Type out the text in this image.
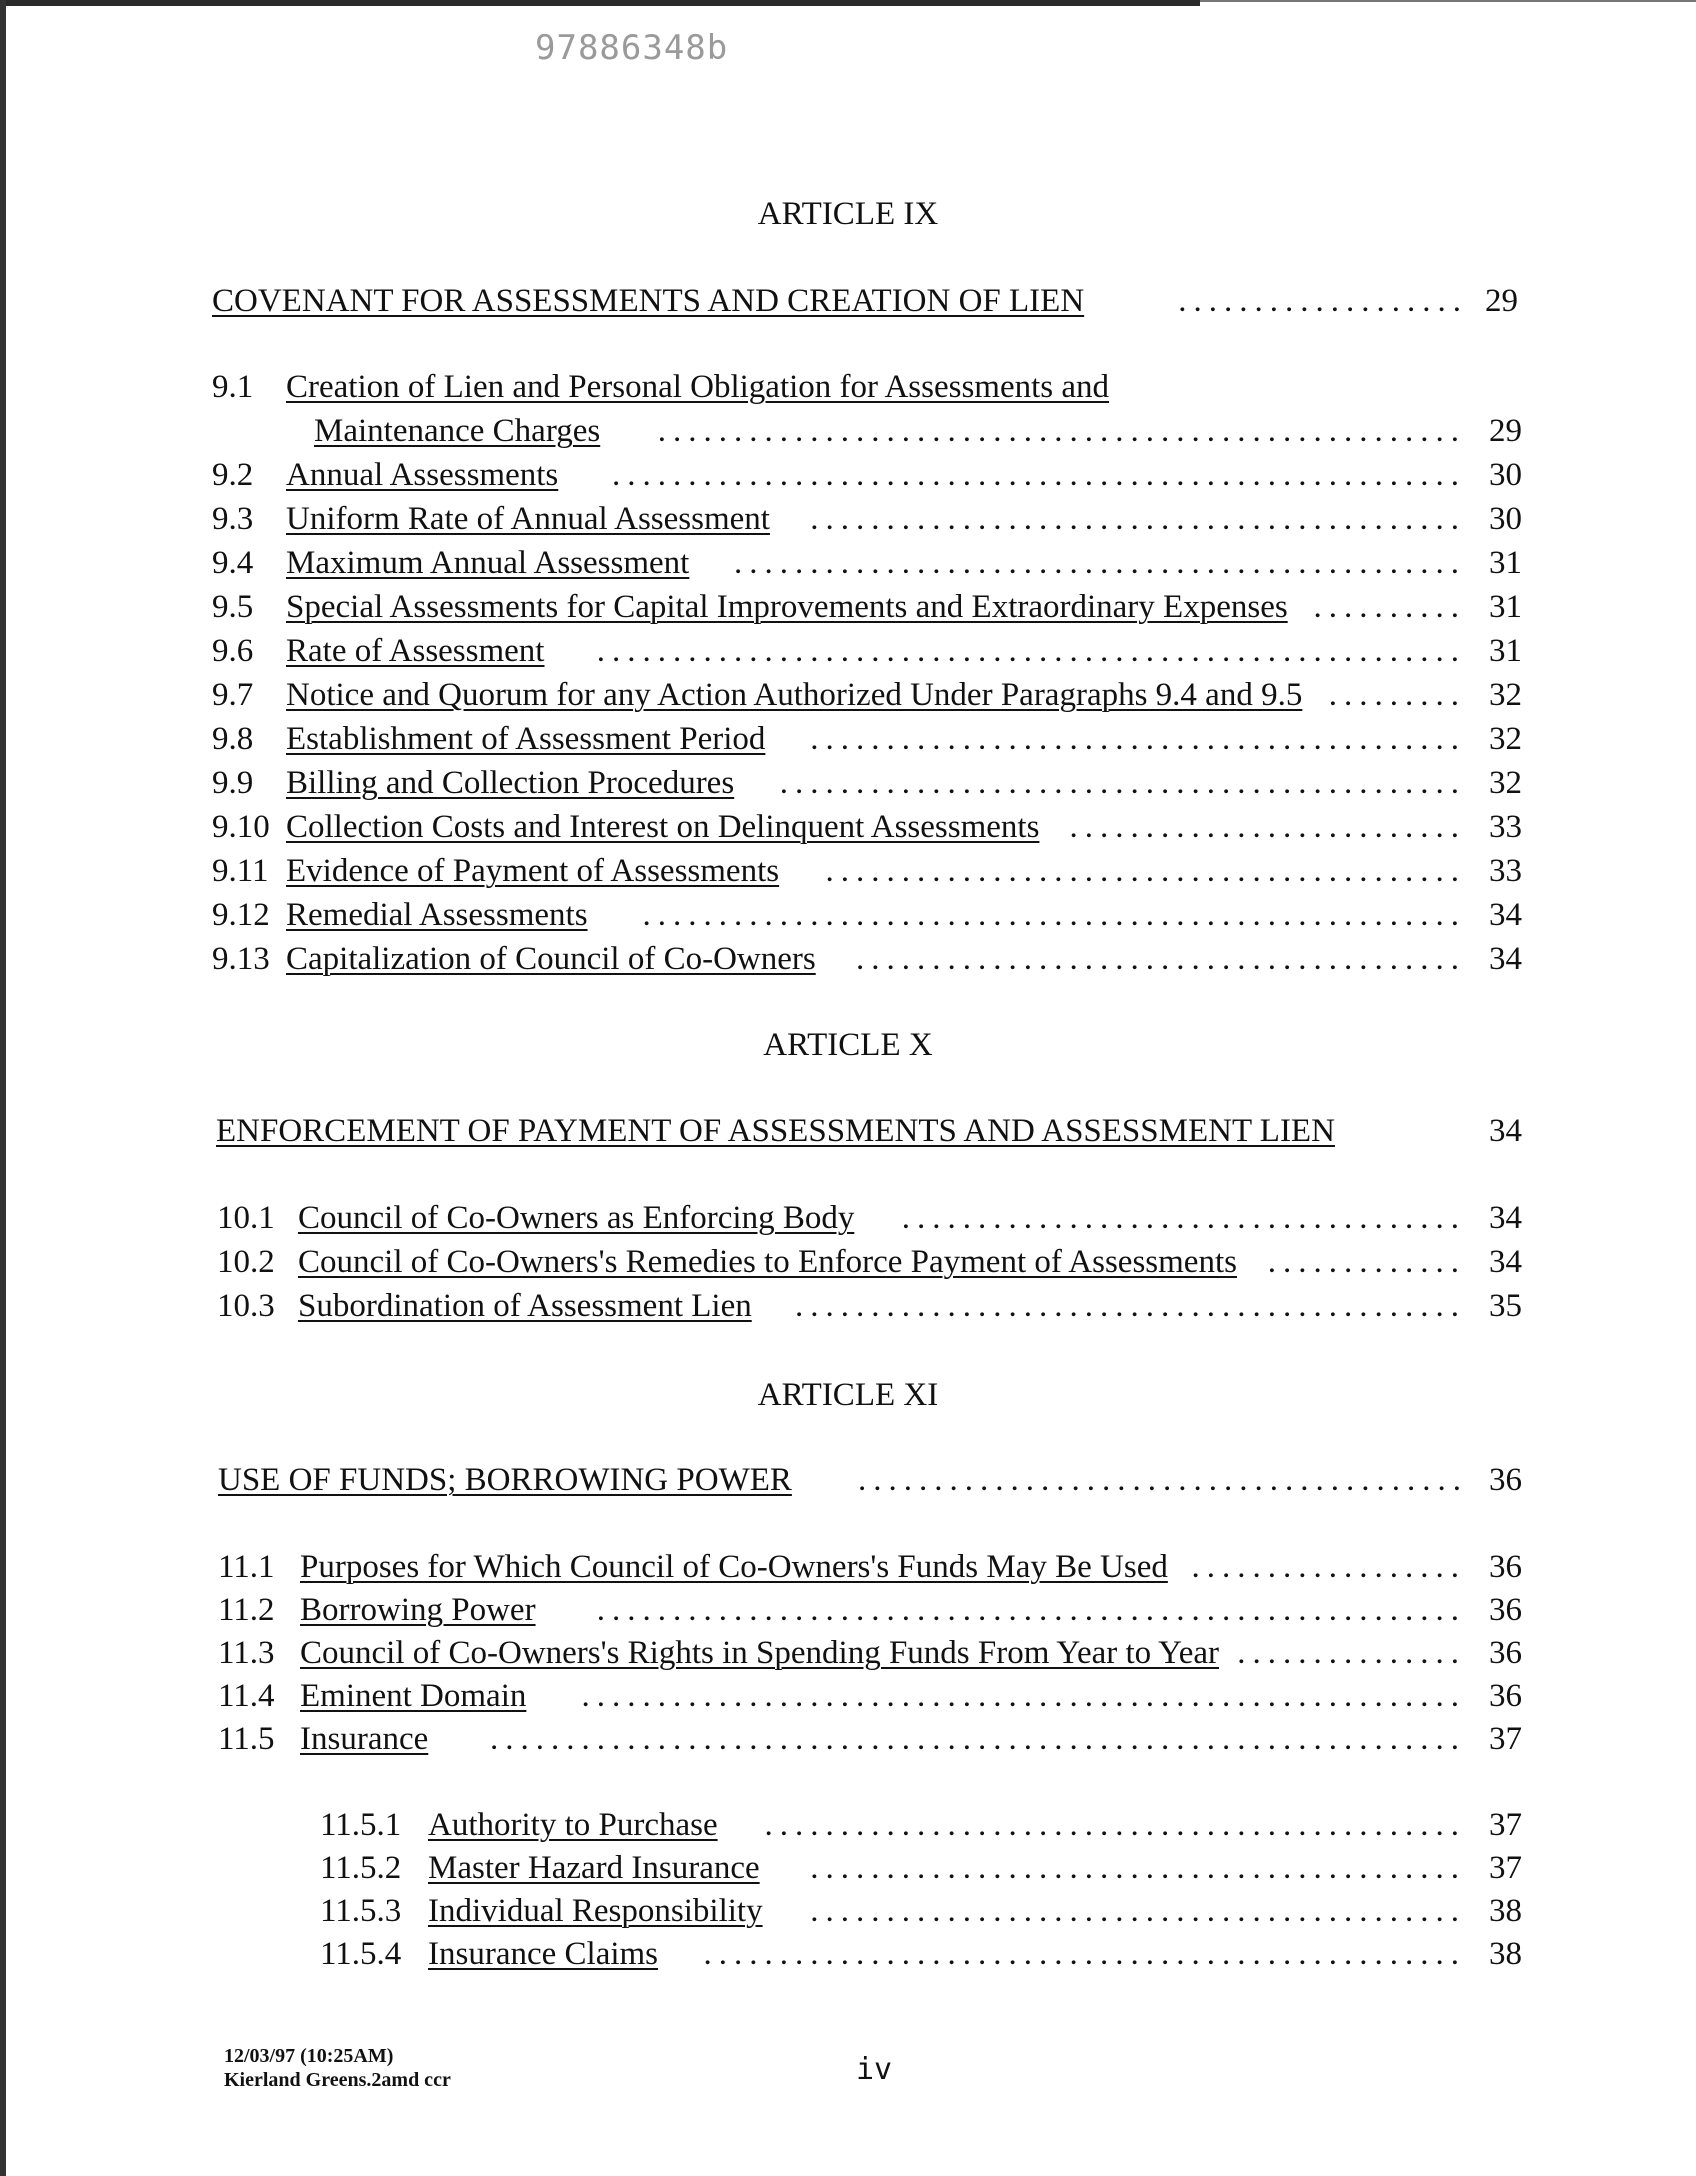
97886348b
ARTICLE IX
COVENANT FOR ASSESSMENTS AND CREATION OF LIEN	................... 29
9.1 Creation of Lien and Personal Obligation for Assessments and
Maintenance Charges	..................................................... 29
9.2 Annual Assessments	........................................................ 30
9.3 Uniform Rate of Annual Assessment	........................................... 30
9.4 Maximum Annual Assessment	................................................ 31
9.5 Special Assessments for Capital Improvements and Extraordinary Expenses .......... 31
9.6 Rate of Assessment	......................................................... 31
9.7 Notice and Quorum for any Action Authorized Under Paragraphs 9.4 and 9.5 ......... 32
9.8 Establishment of Assessment Period	........................................... 32
9.9 Billing and Collection Procedures	............................................. 32
9.10 Collection Costs and Interest on Delinquent Assessments .......................... 33
9.11 Evidence of Payment of Assessments	.......................................... 33
9.12 Remedial Assessments	...................................................... 34
9.13 Capitalization of Council of Co-Owners	........................................ 34
ARTICLE X
ENFORCEMENT OF PAYMENT OF ASSESSMENTS AND ASSESSMENT LIEN	34
10.1 Council of Co-Owners as Enforcing Body	..................................... 34
10.2 Council of Co-Owners's Remedies to Enforce Payment of Assessments ............. 34
10.3 Subordination of Assessment Lien	............................................ 35
ARTICLE XI
USE OF FUNDS; BORROWING POWER ........................................ 36
11.1 Purposes for Which Council of Co-Owners's Funds May Be Used .................. 36
11.2 Borrowing Power	......................................................... 36
11.3 Council of Co-Owners's Rights in Spending Funds From Year to Year ............... 36
11.4 Eminent Domain	.......................................................... 36
11.5 Insurance	................................................................ 37
11.5.1 Authority to Purchase	.............................................. 37
11.5.2 Master Hazard Insurance	........................................... 37
11.5.3 Individual Responsibility	........................................... 38
11.5.4 Insurance Claims	.................................................. 38
12/03/97 (10:25AM)
Kierland Greens.2amd ccr	iv
